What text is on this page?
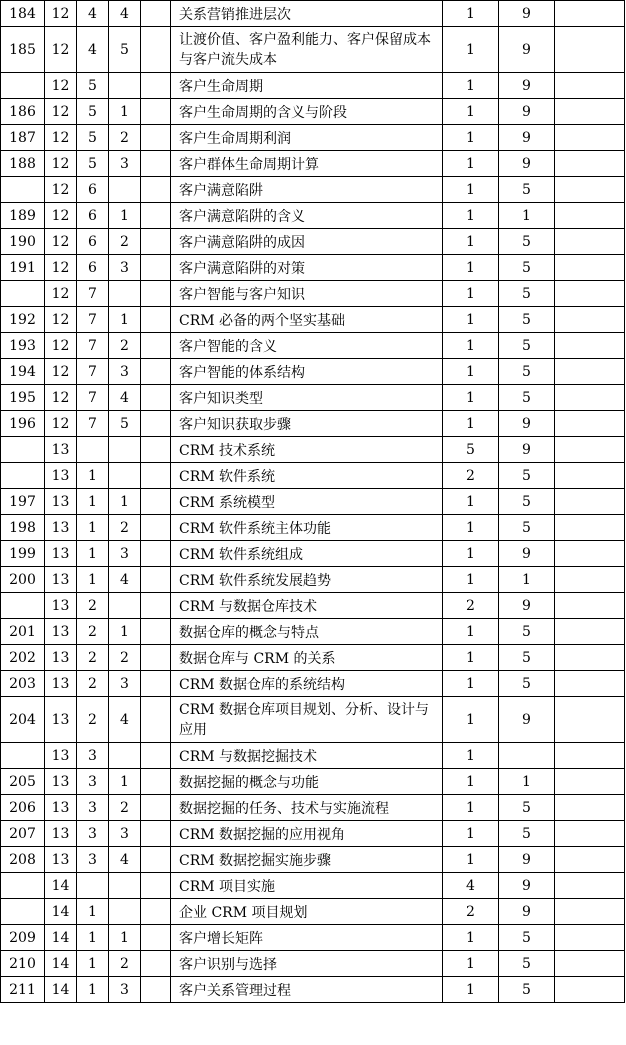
184	12	4	4		关系营销推进层次	1	9	
185	12	4	5		让渡价值、客户盈利能力、客户保留成本与客户流失成本	1	9	
	12	5			客户生命周期	1	9	
186	12	5	1		客户生命周期的含义与阶段	1	9	
187	12	5	2		客户生命周期利润	1	9	
188	12	5	3		客户群体生命周期计算	1	9	
	12	6			客户满意陷阱	1	5	
189	12	6	1		客户满意陷阱的含义	1	1	
190	12	6	2		客户满意陷阱的成因	1	5	
191	12	6	3		客户满意陷阱的对策	1	5	
	12	7			客户智能与客户知识	1	5	
192	12	7	1		CRM 必备的两个坚实基础	1	5	
193	12	7	2		客户智能的含义	1	5	
194	12	7	3		客户智能的体系结构	1	5	
195	12	7	4		客户知识类型	1	5	
196	12	7	5		客户知识获取步骤	1	9	
	13				CRM 技术系统	5	9	
	13	1			CRM 软件系统	2	5	
197	13	1	1		CRM 系统模型	1	5	
198	13	1	2		CRM 软件系统主体功能	1	5	
199	13	1	3		CRM 软件系统组成	1	9	
200	13	1	4		CRM 软件系统发展趋势	1	1	
	13	2			CRM 与数据仓库技术	2	9	
201	13	2	1		数据仓库的概念与特点	1	5	
202	13	2	2		数据仓库与 CRM 的关系	1	5	
203	13	2	3		CRM 数据仓库的系统结构	1	5	
204	13	2	4		CRM 数据仓库项目规划、分析、设计与应用	1	9	
	13	3			CRM 与数据挖掘技术	1		
205	13	3	1		数据挖掘的概念与功能	1	1	
206	13	3	2		数据挖掘的任务、技术与实施流程	1	5	
207	13	3	3		CRM 数据挖掘的应用视角	1	5	
208	13	3	4		CRM 数据挖掘实施步骤	1	9	
	14				CRM 项目实施	4	9	
	14	1			企业 CRM 项目规划	2	9	
209	14	1	1		客户增长矩阵	1	5	
210	14	1	2		客户识别与选择	1	5	
211	14	1	3		客户关系管理过程	1	5	
